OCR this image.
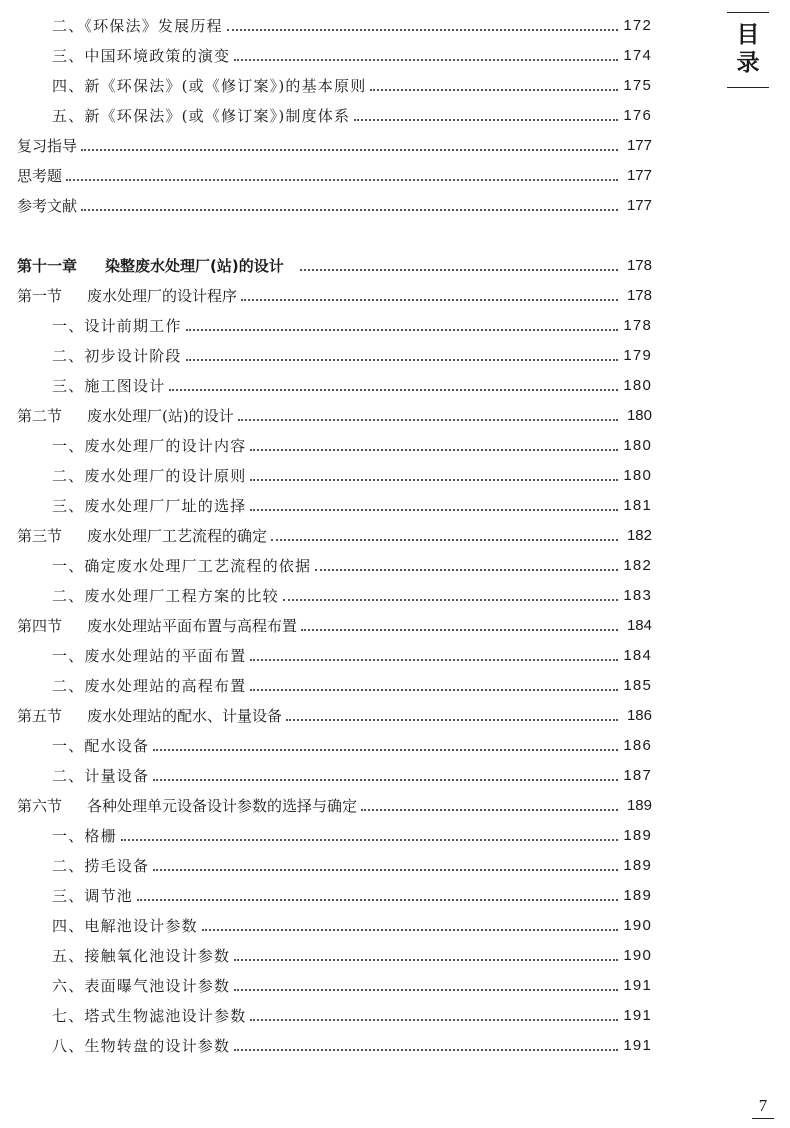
二、《环保法》发展历程	172
三、中国环境政策的演变	174
四、新《环保法》(或《修订案》)的基本原则	175
五、新《环保法》(或《修订案》)制度体系	176
复习指导	177
思考题	177
参考文献	177
第十一章 染整废水处理厂(站)的设计	178
第一节 废水处理厂的设计程序	178
一、设计前期工作	178
二、初步设计阶段	179
三、施工图设计	180
第二节 废水处理厂(站)的设计	180
一、废水处理厂的设计内容	180
二、废水处理厂的设计原则	180
三、废水处理厂厂址的选择	181
第三节 废水处理厂工艺流程的确定	182
一、确定废水处理厂工艺流程的依据	182
二、废水处理厂工程方案的比较	183
第四节 废水处理站平面布置与高程布置	184
一、废水处理站的平面布置	184
二、废水处理站的高程布置	185
第五节 废水处理站的配水、计量设备	186
一、配水设备	186
二、计量设备	187
第六节 各种处理单元设备设计参数的选择与确定	189
一、格栅	189
二、捞毛设备	189
三、调节池	189
四、电解池设计参数	190
五、接触氧化池设计参数	190
六、表面曝气池设计参数	191
七、塔式生物滤池设计参数	191
八、生物转盘的设计参数	191
目
录
7
